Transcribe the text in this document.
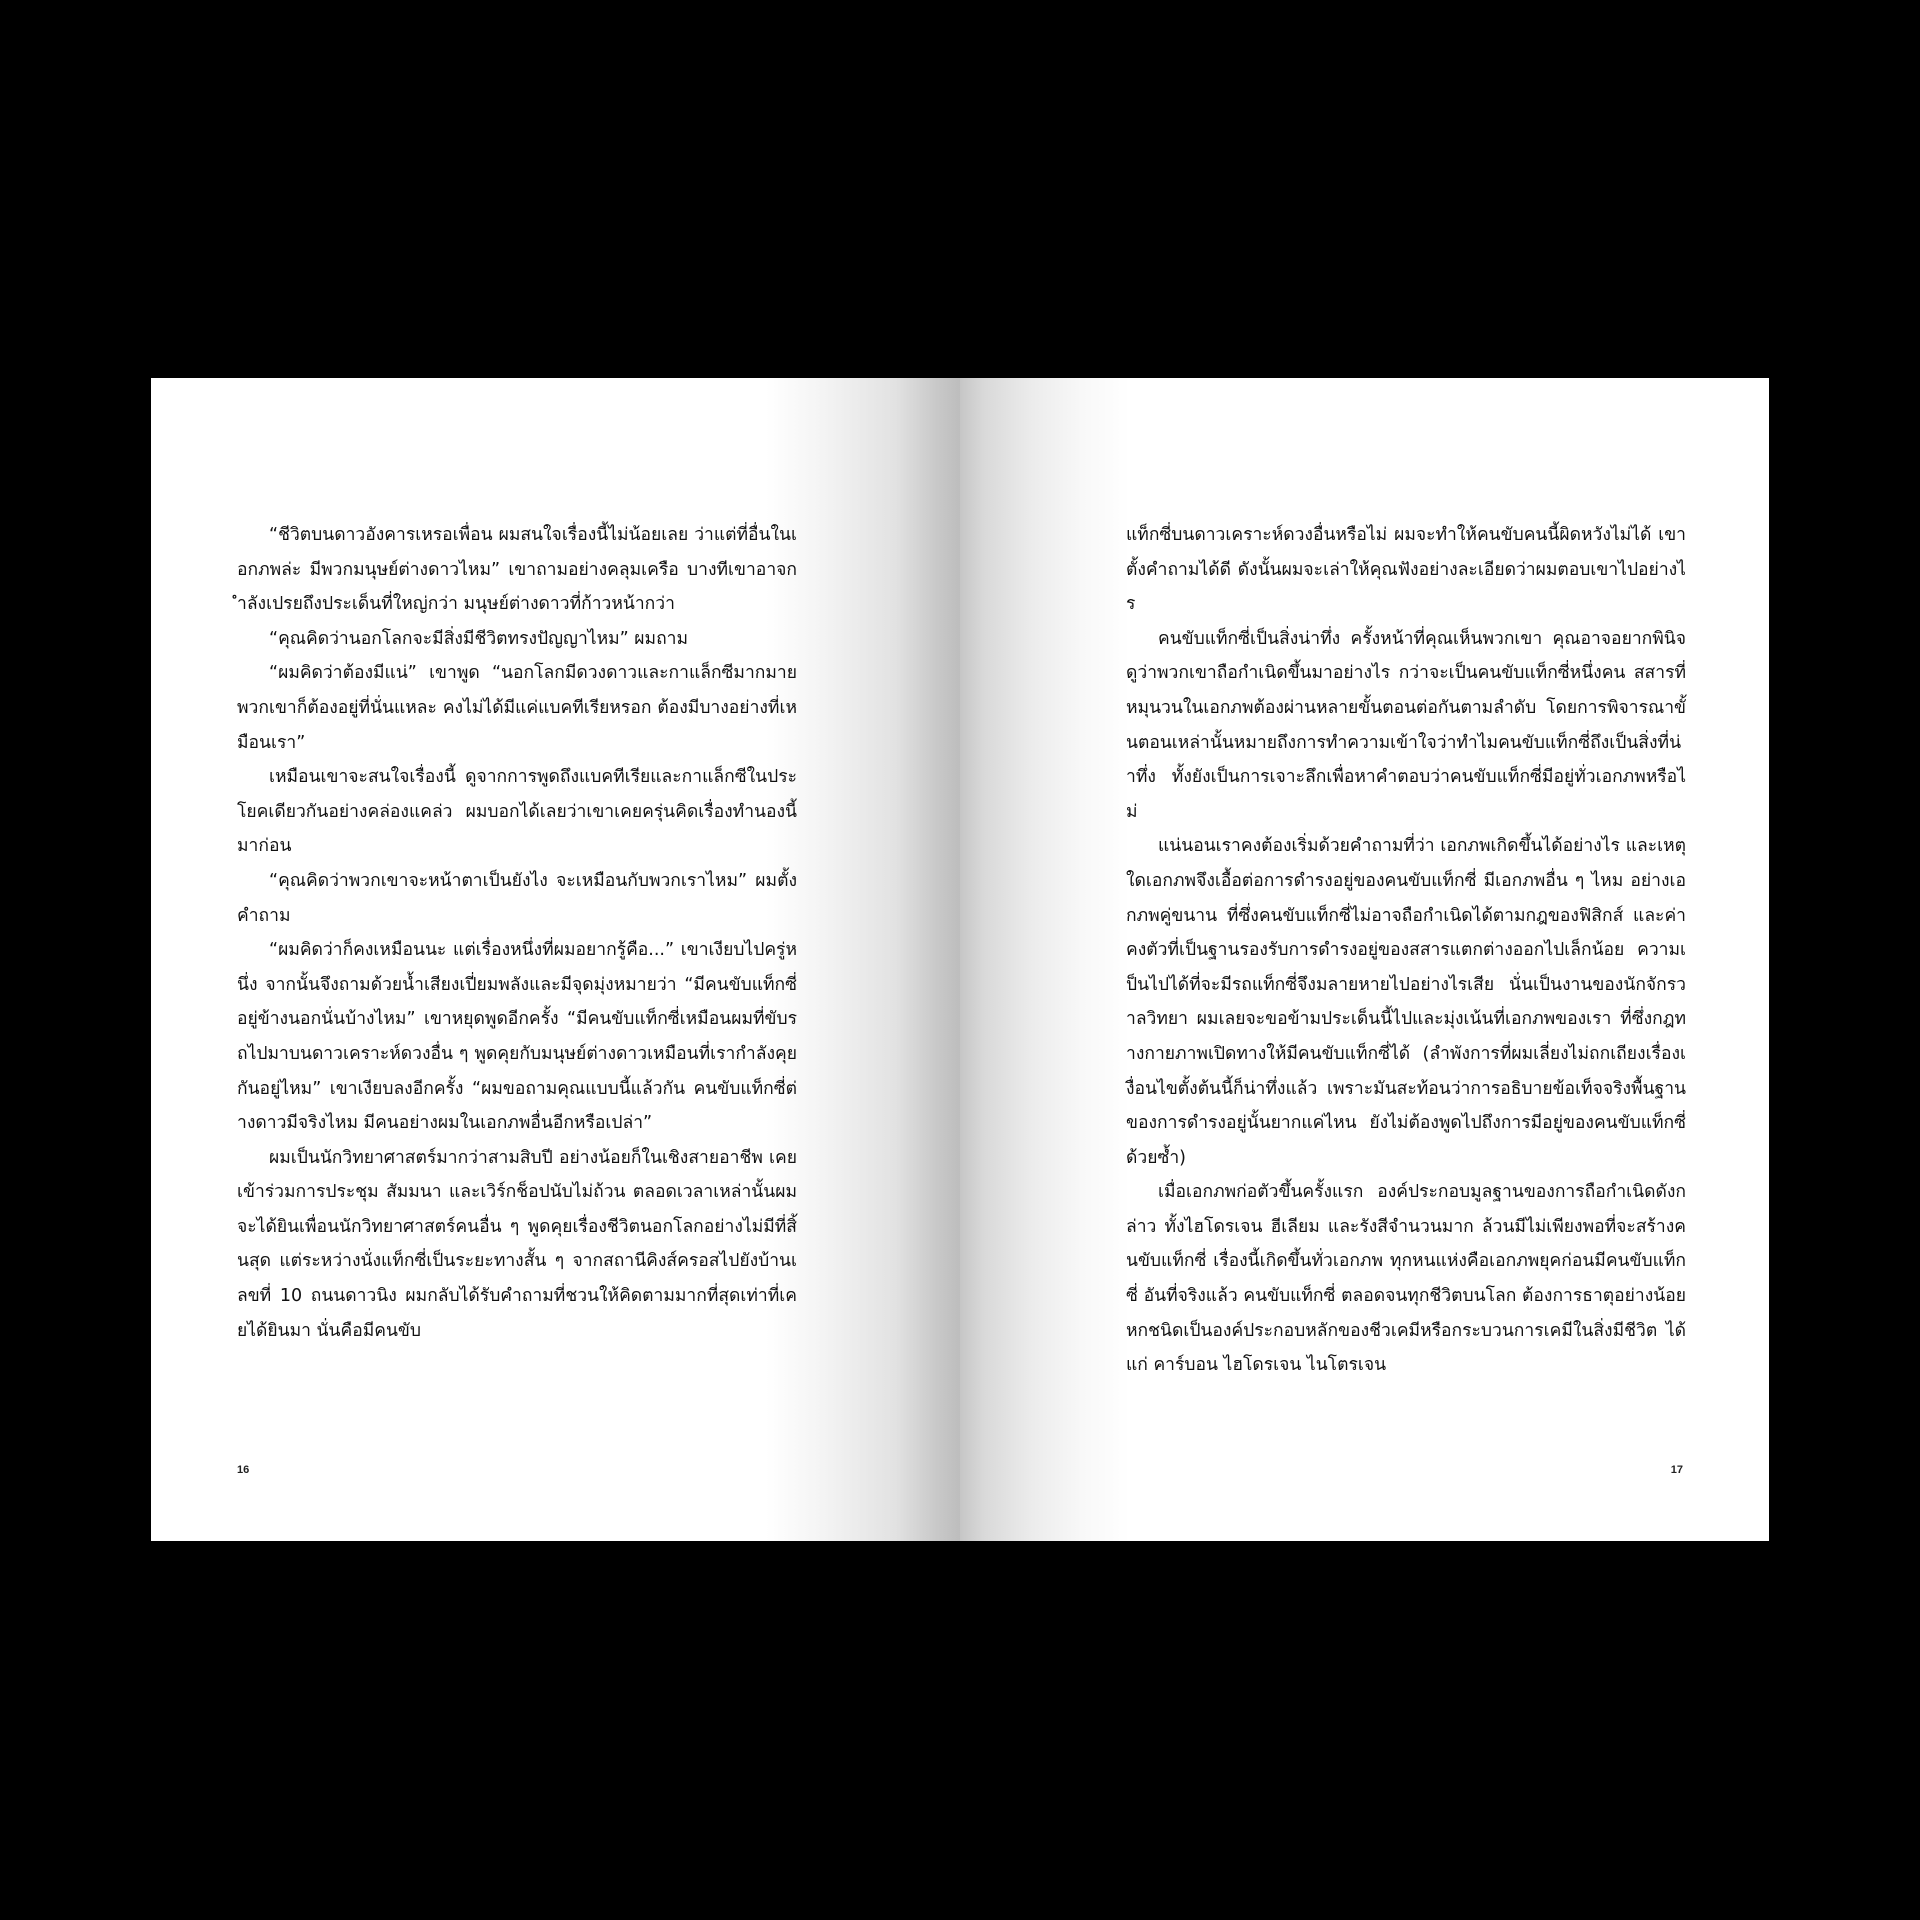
“ชีวิตบนดาวอังคารเหรอเพื่อน ผมสนใจเรื่องนี้ไม่น้อยเลย ว่าแต่ที่อื่นในเอกภพล่ะ มีพวกมนุษย์ต่างดาวไหม” เขาถามอย่างคลุมเครือ บางทีเขาอาจกำลังเปรยถึงประเด็นที่ใหญ่กว่า มนุษย์ต่างดาวที่ก้าวหน้ากว่า

“คุณคิดว่านอกโลกจะมีสิ่งมีชีวิตทรงปัญญาไหม” ผมถาม

“ผมคิดว่าต้องมีแน่” เขาพูด “นอกโลกมีดวงดาวและกาแล็กซีมากมาย พวกเขาก็ต้องอยู่ที่นั่นแหละ คงไม่ได้มีแค่แบคทีเรียหรอก ต้องมีบางอย่างที่เหมือนเรา”

เหมือนเขาจะสนใจเรื่องนี้ ดูจากการพูดถึงแบคทีเรียและกาแล็กซีในประโยคเดียวกันอย่างคล่องแคล่ว ผมบอกได้เลยว่าเขาเคยครุ่นคิดเรื่องทำนองนี้มาก่อน

“คุณคิดว่าพวกเขาจะหน้าตาเป็นยังไง จะเหมือนกับพวกเราไหม” ผมตั้งคำถาม

“ผมคิดว่าก็คงเหมือนนะ แต่เรื่องหนึ่งที่ผมอยากรู้คือ...” เขาเงียบไปครู่หนึ่ง จากนั้นจึงถามด้วยน้ำเสียงเปี่ยมพลังและมีจุดมุ่งหมายว่า “มีคนขับแท็กซี่อยู่ข้างนอกนั่นบ้างไหม” เขาหยุดพูดอีกครั้ง “มีคนขับแท็กซี่เหมือนผมที่ขับรถไปมาบนดาวเคราะห์ดวงอื่น ๆ พูดคุยกับมนุษย์ต่างดาวเหมือนที่เรากำลังคุยกันอยู่ไหม” เขาเงียบลงอีกครั้ง “ผมขอถามคุณแบบนี้แล้วกัน คนขับแท็กซี่ต่างดาวมีจริงไหม มีคนอย่างผมในเอกภพอื่นอีกหรือเปล่า”

ผมเป็นนักวิทยาศาสตร์มากว่าสามสิบปี อย่างน้อยก็ในเชิงสายอาชีพ เคยเข้าร่วมการประชุม สัมมนา และเวิร์กช็อปนับไม่ถ้วน ตลอดเวลาเหล่านั้นผมจะได้ยินเพื่อนนักวิทยาศาสตร์คนอื่น ๆ พูดคุยเรื่องชีวิตนอกโลกอย่างไม่มีที่สิ้นสุด แต่ระหว่างนั่งแท็กซี่เป็นระยะทางสั้น ๆ จากสถานีคิงส์ครอสไปยังบ้านเลขที่ 10 ถนนดาวนิง ผมกลับได้รับคำถามที่ชวนให้คิดตามมากที่สุดเท่าที่เคยได้ยินมา นั่นคือมีคนขับ

16

แท็กซี่บนดาวเคราะห์ดวงอื่นหรือไม่ ผมจะทำให้คนขับคนนี้ผิดหวังไม่ได้ เขาตั้งคำถามได้ดี ดังนั้นผมจะเล่าให้คุณฟังอย่างละเอียดว่าผมตอบเขาไปอย่างไร

คนขับแท็กซี่เป็นสิ่งน่าทึ่ง ครั้งหน้าที่คุณเห็นพวกเขา คุณอาจอยากพินิจดูว่าพวกเขาถือกำเนิดขึ้นมาอย่างไร กว่าจะเป็นคนขับแท็กซี่หนึ่งคน สสารที่หมุนวนในเอกภพต้องผ่านหลายขั้นตอนต่อกันตามลำดับ โดยการพิจารณาขั้นตอนเหล่านั้นหมายถึงการทำความเข้าใจว่าทำไมคนขับแท็กซี่ถึงเป็นสิ่งที่น่าทึ่ง ทั้งยังเป็นการเจาะลึกเพื่อหาคำตอบว่าคนขับแท็กซี่มีอยู่ทั่วเอกภพหรือไม่

แน่นอนเราคงต้องเริ่มด้วยคำถามที่ว่า เอกภพเกิดขึ้นได้อย่างไร และเหตุใดเอกภพจึงเอื้อต่อการดำรงอยู่ของคนขับแท็กซี่ มีเอกภพอื่น ๆ ไหม อย่างเอกภพคู่ขนาน ที่ซึ่งคนขับแท็กซี่ไม่อาจถือกำเนิดได้ตามกฎของฟิสิกส์ และค่าคงตัวที่เป็นฐานรองรับการดำรงอยู่ของสสารแตกต่างออกไปเล็กน้อย ความเป็นไปได้ที่จะมีรถแท็กซี่จึงมลายหายไปอย่างไรเสีย นั่นเป็นงานของนักจักรวาลวิทยา ผมเลยจะขอข้ามประเด็นนี้ไปและมุ่งเน้นที่เอกภพของเรา ที่ซึ่งกฎทางกายภาพเปิดทางให้มีคนขับแท็กซี่ได้ (ลำพังการที่ผมเลี่ยงไม่ถกเถียงเรื่องเงื่อนไขตั้งต้นนี้ก็น่าทึ่งแล้ว เพราะมันสะท้อนว่าการอธิบายข้อเท็จจริงพื้นฐานของการดำรงอยู่นั้นยากแค่ไหน ยังไม่ต้องพูดไปถึงการมีอยู่ของคนขับแท็กซี่ด้วยซ้ำ)

เมื่อเอกภพก่อตัวขึ้นครั้งแรก องค์ประกอบมูลฐานของการถือกำเนิดดังกล่าว ทั้งไฮโดรเจน ฮีเลียม และรังสีจำนวนมาก ล้วนมีไม่เพียงพอที่จะสร้างคนขับแท็กซี่ เรื่องนี้เกิดขึ้นทั่วเอกภพ ทุกหนแห่งคือเอกภพยุคก่อนมีคนขับแท็กซี่ อันที่จริงแล้ว คนขับแท็กซี่ ตลอดจนทุกชีวิตบนโลก ต้องการธาตุอย่างน้อยหกชนิดเป็นองค์ประกอบหลักของชีวเคมีหรือกระบวนการเคมีในสิ่งมีชีวิต ได้แก่ คาร์บอน ไฮโดรเจน ไนโตรเจน

17
